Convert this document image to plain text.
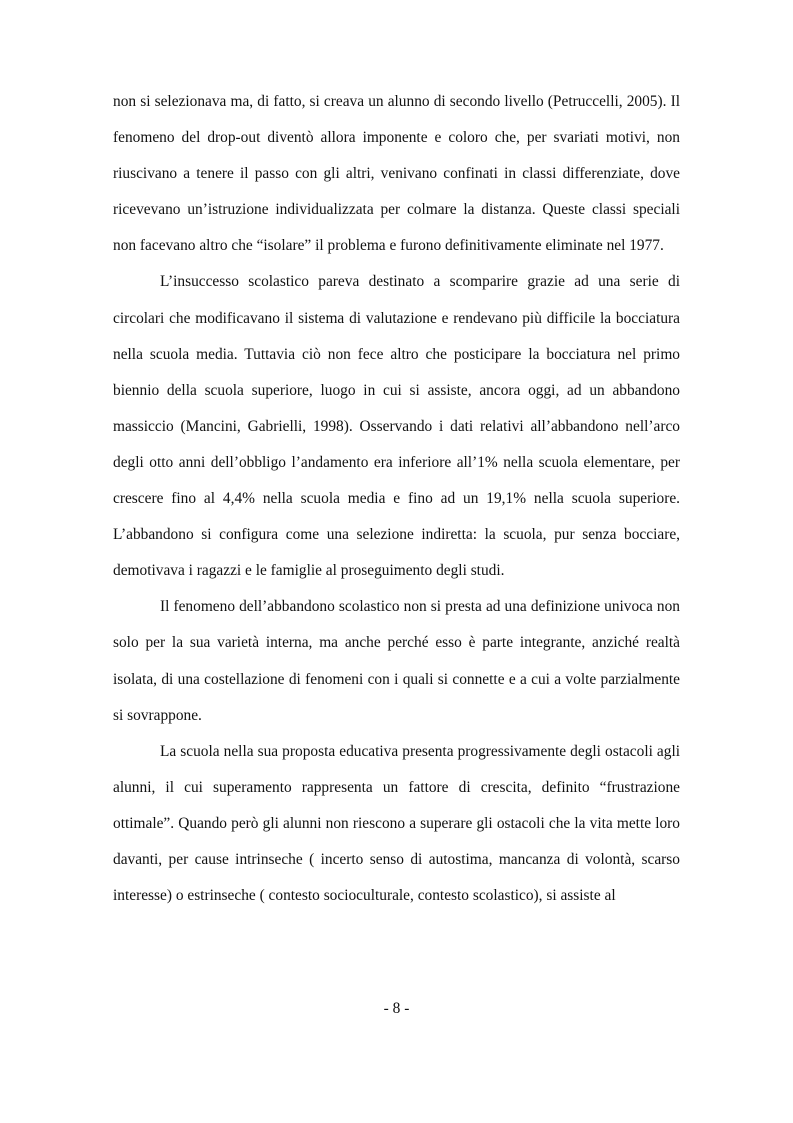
non si selezionava ma, di fatto, si creava un alunno di secondo livello (Petruccelli, 2005). Il fenomeno del drop-out diventò allora imponente e coloro che, per svariati motivi, non riuscivano a tenere il passo con gli altri, venivano confinati in classi differenziate, dove ricevevano un’istruzione individualizzata per colmare la distanza. Queste classi speciali non facevano altro che “isolare” il problema e furono definitivamente eliminate nel 1977.

L’insuccesso scolastico pareva destinato a scomparire grazie ad una serie di circolari che modificavano il sistema di valutazione e rendevano più difficile la bocciatura nella scuola media. Tuttavia ciò non fece altro che posticipare la bocciatura nel primo biennio della scuola superiore, luogo in cui si assiste, ancora oggi, ad un abbandono massiccio (Mancini, Gabrielli, 1998). Osservando i dati relativi all’abbandono nell’arco degli otto anni dell’obbligo l’andamento era inferiore all’1% nella scuola elementare, per crescere fino al 4,4% nella scuola media e fino ad un 19,1% nella scuola superiore. L’abbandono si configura come una selezione indiretta: la scuola, pur senza bocciare, demotivava i ragazzi e le famiglie al proseguimento degli studi.

Il fenomeno dell’abbandono scolastico non si presta ad una definizione univoca non solo per la sua varietà interna, ma anche perché esso è parte integrante, anziché realtà isolata, di una costellazione di fenomeni con i quali si connette e a cui a volte parzialmente si sovrappone.

La scuola nella sua proposta educativa presenta progressivamente degli ostacoli agli alunni, il cui superamento rappresenta un fattore di crescita, definito “frustrazione ottimale”. Quando però gli alunni non riescono a superare gli ostacoli che la vita mette loro davanti, per cause intrinseche ( incerto senso di autostima, mancanza di volontà, scarso interesse) o estrinseche ( contesto socioculturale, contesto scolastico), si assiste al

- 8 -
